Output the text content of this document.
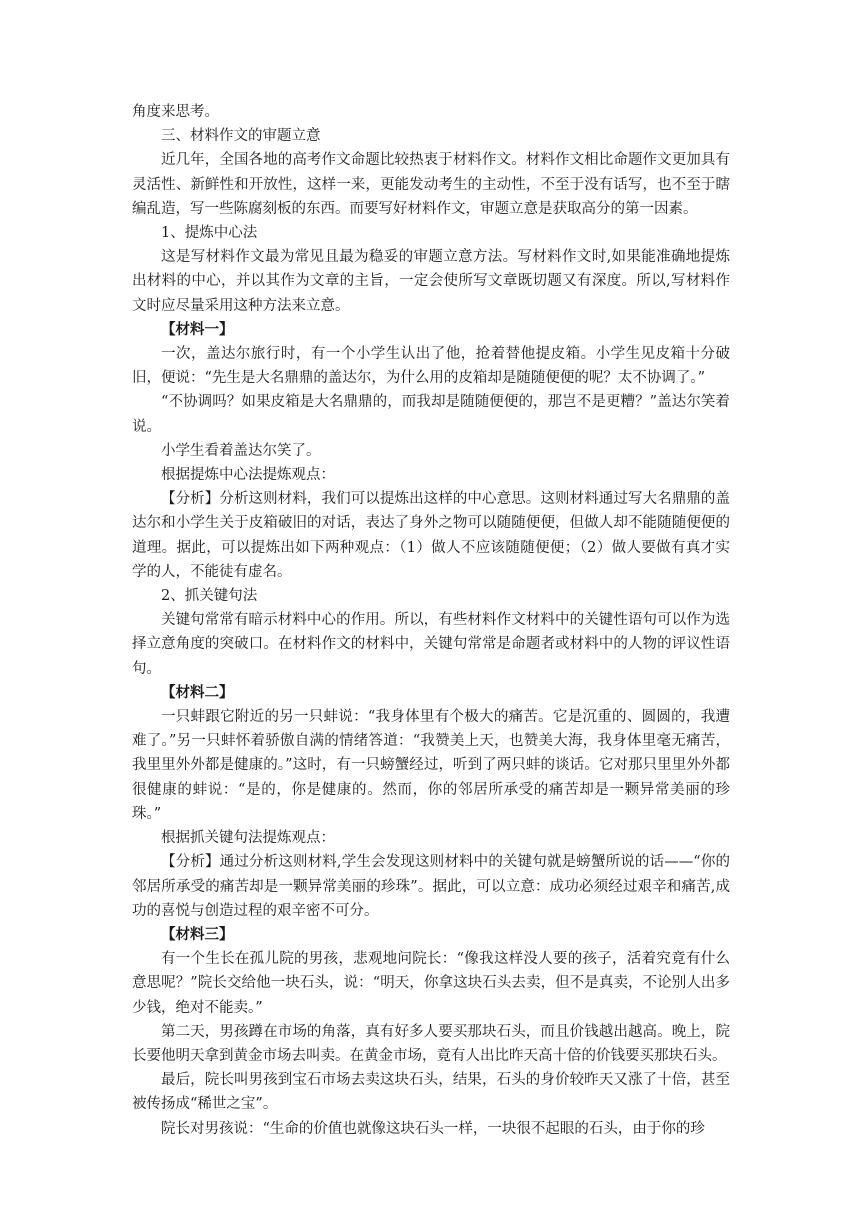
角度来思考。

三、材料作文的审题立意

近几年，全国各地的高考作文命题比较热衷于材料作文。材料作文相比命题作文更加具有灵活性、新鲜性和开放性，这样一来，更能发动考生的主动性，不至于没有话写，也不至于瞎编乱造，写一些陈腐刻板的东西。而要写好材料作文，审题立意是获取高分的第一因素。

1、提炼中心法

这是写材料作文最为常见且最为稳妥的审题立意方法。写材料作文时,如果能准确地提炼出材料的中心，并以其作为文章的主旨，一定会使所写文章既切题又有深度。所以,写材料作文时应尽量采用这种方法来立意。

【材料一】

一次，盖达尔旅行时，有一个小学生认出了他，抢着替他提皮箱。小学生见皮箱十分破旧，便说：“先生是大名鼎鼎的盖达尔，为什么用的皮箱却是随随便便的呢？太不协调了。”

“不协调吗？如果皮箱是大名鼎鼎的，而我却是随随便便的，那岂不是更糟？”盖达尔笑着说。

小学生看着盖达尔笑了。

根据提炼中心法提炼观点：

【分析】分析这则材料，我们可以提炼出这样的中心意思。这则材料通过写大名鼎鼎的盖达尔和小学生关于皮箱破旧的对话，表达了身外之物可以随随便便，但做人却不能随随便便的道理。据此，可以提炼出如下两种观点：（1）做人不应该随随便便；（2）做人要做有真才实学的人，不能徒有虚名。

2、抓关键句法

关键句常常有暗示材料中心的作用。所以，有些材料作文材料中的关键性语句可以作为选择立意角度的突破口。在材料作文的材料中，关键句常常是命题者或材料中的人物的评议性语句。

【材料二】

一只蚌跟它附近的另一只蚌说：“我身体里有个极大的痛苦。它是沉重的、圆圆的，我遭难了。”另一只蚌怀着骄傲自满的情绪答道：“我赞美上天，也赞美大海，我身体里毫无痛苦，我里里外外都是健康的。”这时，有一只螃蟹经过，听到了两只蚌的谈话。它对那只里里外外都很健康的蚌说：“是的，你是健康的。然而，你的邻居所承受的痛苦却是一颗异常美丽的珍珠。”

根据抓关键句法提炼观点：

【分析】通过分析这则材料,学生会发现这则材料中的关键句就是螃蟹所说的话——“你的邻居所承受的痛苦却是一颗异常美丽的珍珠”。据此，可以立意：成功必须经过艰辛和痛苦,成功的喜悦与创造过程的艰辛密不可分。

【材料三】

有一个生长在孤儿院的男孩，悲观地问院长：“像我这样没人要的孩子，活着究竟有什么意思呢？”院长交给他一块石头，说：“明天，你拿这块石头去卖，但不是真卖，不论别人出多少钱，绝对不能卖。”

第二天，男孩蹲在市场的角落，真有好多人要买那块石头，而且价钱越出越高。晚上，院长要他明天拿到黄金市场去叫卖。在黄金市场，竟有人出比昨天高十倍的价钱要买那块石头。

最后，院长叫男孩到宝石市场去卖这块石头，结果，石头的身价较昨天又涨了十倍，甚至被传扬成“稀世之宝”。

院长对男孩说：“生命的价值也就像这块石头一样，一块很不起眼的石头，由于你的珍
